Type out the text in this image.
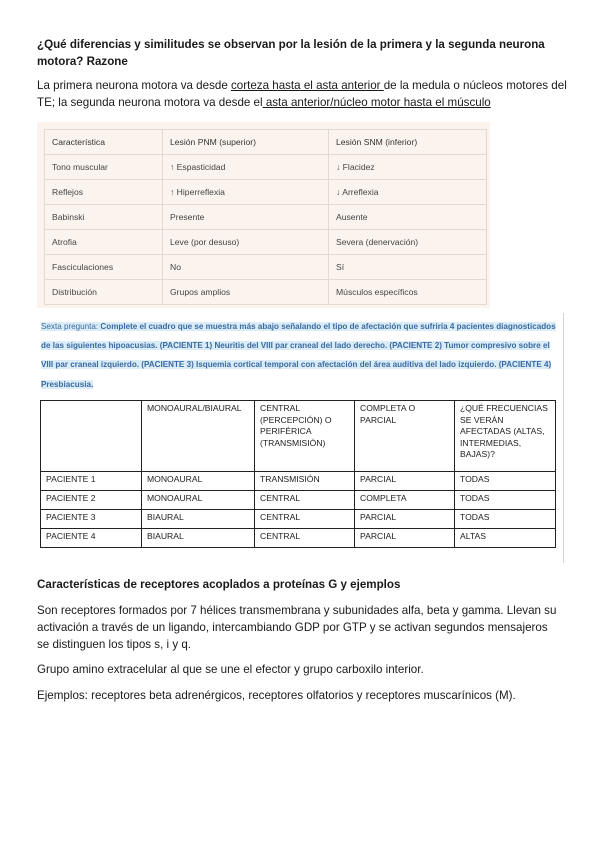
¿Qué diferencias y similitudes se observan por la lesión de la primera y la segunda neurona motora? Razone
La primera neurona motora va desde corteza hasta el asta anterior de la medula o núcleos motores del TE; la segunda neurona motora va desde el asta anterior/núcleo motor hasta el músculo
Característica	Lesión PNM (superior)	Lesión SNM (inferior)
Tono muscular	↑ Espasticidad	↓ Flacidez
Reflejos	↑ Hiperreflexia	↓ Arreflexia
Babinski	Presente	Ausente
Atrofia	Leve (por desuso)	Severa (denervación)
Fasciculaciones	No	Sí
Distribución	Grupos amplios	Músculos específicos
Sexta pregunta: Complete el cuadro que se muestra más abajo señalando el tipo de afectación que sufriría 4 pacientes diagnosticados de las siguientes hipoacusias. (PACIENTE 1) Neuritis del VIII par craneal del lado derecho. (PACIENTE 2) Tumor compresivo sobre el VIII par craneal izquierdo. (PACIENTE 3) Isquemia cortical temporal con afectación del área auditiva del lado izquierdo. (PACIENTE 4) Presbiacusia.
	MONOAURAL/BIAURAL	CENTRAL (PERCEPCIÓN) O PERIFÉRICA (TRANSMISIÓN)	COMPLETA O PARCIAL	¿QUÉ FRECUENCIAS SE VERÁN AFECTADAS (ALTAS, INTERMEDIAS, BAJAS)?
PACIENTE 1	MONOAURAL	TRANSMISIÓN	PARCIAL	TODAS
PACIENTE 2	MONOAURAL	CENTRAL	COMPLETA	TODAS
PACIENTE 3	BIAURAL	CENTRAL	PARCIAL	TODAS
PACIENTE 4	BIAURAL	CENTRAL	PARCIAL	ALTAS
Características de receptores acoplados a proteínas G y ejemplos
Son receptores formados por 7 hélices transmembrana y subunidades alfa, beta y gamma. Llevan su activación a través de un ligando, intercambiando GDP por GTP y se activan segundos mensajeros se distinguen los tipos s, i y q.
Grupo amino extracelular al que se une el efector y grupo carboxilo interior.
Ejemplos: receptores beta adrenérgicos, receptores olfatorios y receptores muscarínicos (M).
